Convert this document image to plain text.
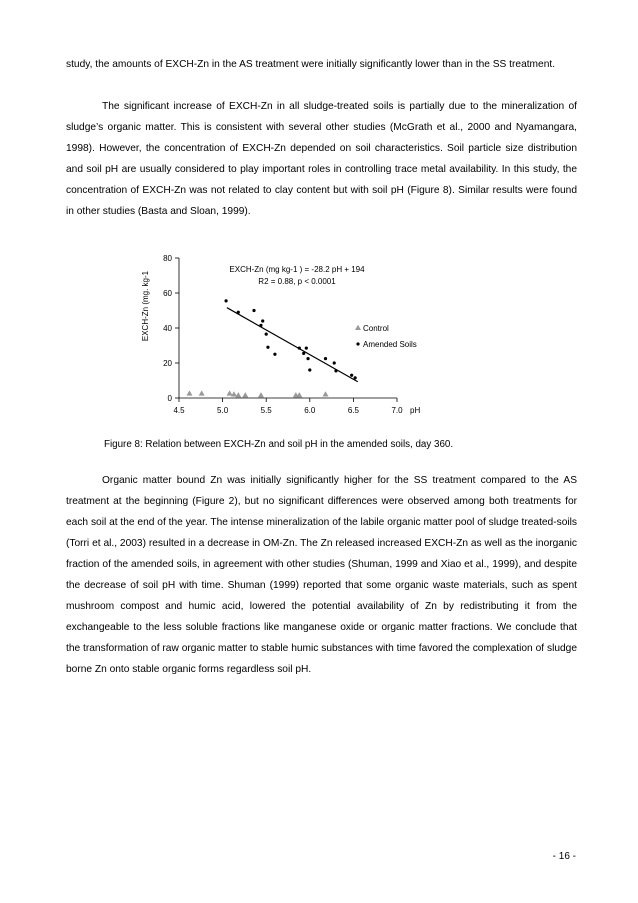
study, the amounts of EXCH-Zn in the AS treatment were initially significantly lower than in the SS treatment.

The significant increase of EXCH-Zn in all sludge-treated soils is partially due to the mineralization of sludge’s organic matter. This is consistent with several other studies (McGrath et al., 2000 and Nyamangara, 1998). However, the concentration of EXCH-Zn depended on soil characteristics. Soil particle size distribution and soil pH are usually considered to play important roles in controlling trace metal availability. In this study, the concentration of EXCH-Zn was not related to clay content but with soil pH (Figure 8). Similar results were found in other studies (Basta and Sloan, 1999).

0
20
40
60
80
4.5	5.0	5.5	6.0	6.5	7.0
EXCH-Zn (mg kg-1 ) = -28.2 pH + 194
R2 = 0.88, p < 0.0001
Control
Amended Soils
pH
EXCH-Zn (mg. kg-1

Figure 8: Relation between EXCH-Zn and soil pH in the amended soils, day 360.

Organic matter bound Zn was initially significantly higher for the SS treatment compared to the AS treatment at the beginning (Figure 2), but no significant differences were observed among both treatments for each soil at the end of the year. The intense mineralization of the labile organic matter pool of sludge treated-soils (Torri et al., 2003) resulted in a decrease in OM-Zn. The Zn released increased EXCH-Zn as well as the inorganic fraction of the amended soils, in agreement with other studies (Shuman, 1999 and Xiao et al., 1999), and despite the decrease of soil pH with time. Shuman (1999) reported that some organic waste materials, such as spent mushroom compost and humic acid, lowered the potential availability of Zn by redistributing it from the exchangeable to the less soluble fractions like manganese oxide or organic matter fractions. We conclude that the transformation of raw organic matter to stable humic substances with time favored the complexation of sludge borne Zn onto stable organic forms regardless soil pH.

- 16 -
